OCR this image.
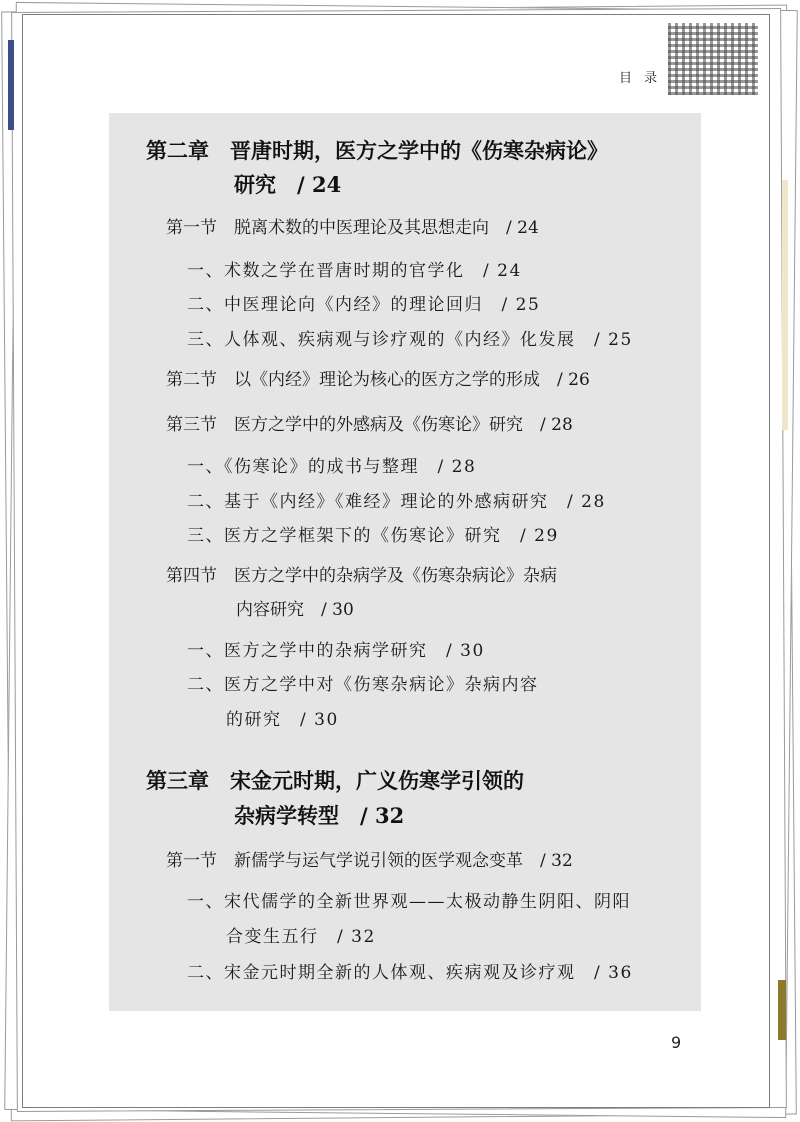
目 录
第二章　晋唐时期，医方之学中的《伤寒杂病论》
研究　/ 24
第一节　脱离术数的中医理论及其思想走向　/ 24
一、术数之学在晋唐时期的官学化　/ 24
二、中医理论向《内经》的理论回归　/ 25
三、人体观、疾病观与诊疗观的《内经》化发展　/ 25
第二节　以《内经》理论为核心的医方之学的形成　/ 26
第三节　医方之学中的外感病及《伤寒论》研究　/ 28
一、《伤寒论》的成书与整理　/ 28
二、基于《内经》《难经》理论的外感病研究　/ 28
三、医方之学框架下的《伤寒论》研究　/ 29
第四节　医方之学中的杂病学及《伤寒杂病论》杂病
内容研究　/ 30
一、医方之学中的杂病学研究　/ 30
二、医方之学中对《伤寒杂病论》杂病内容
的研究　/ 30
第三章　宋金元时期，广义伤寒学引领的
杂病学转型　/ 32
第一节　新儒学与运气学说引领的医学观念变革　/ 32
一、宋代儒学的全新世界观——太极动静生阴阳、阴阳
合变生五行　/ 32
二、宋金元时期全新的人体观、疾病观及诊疗观　/ 36
9
